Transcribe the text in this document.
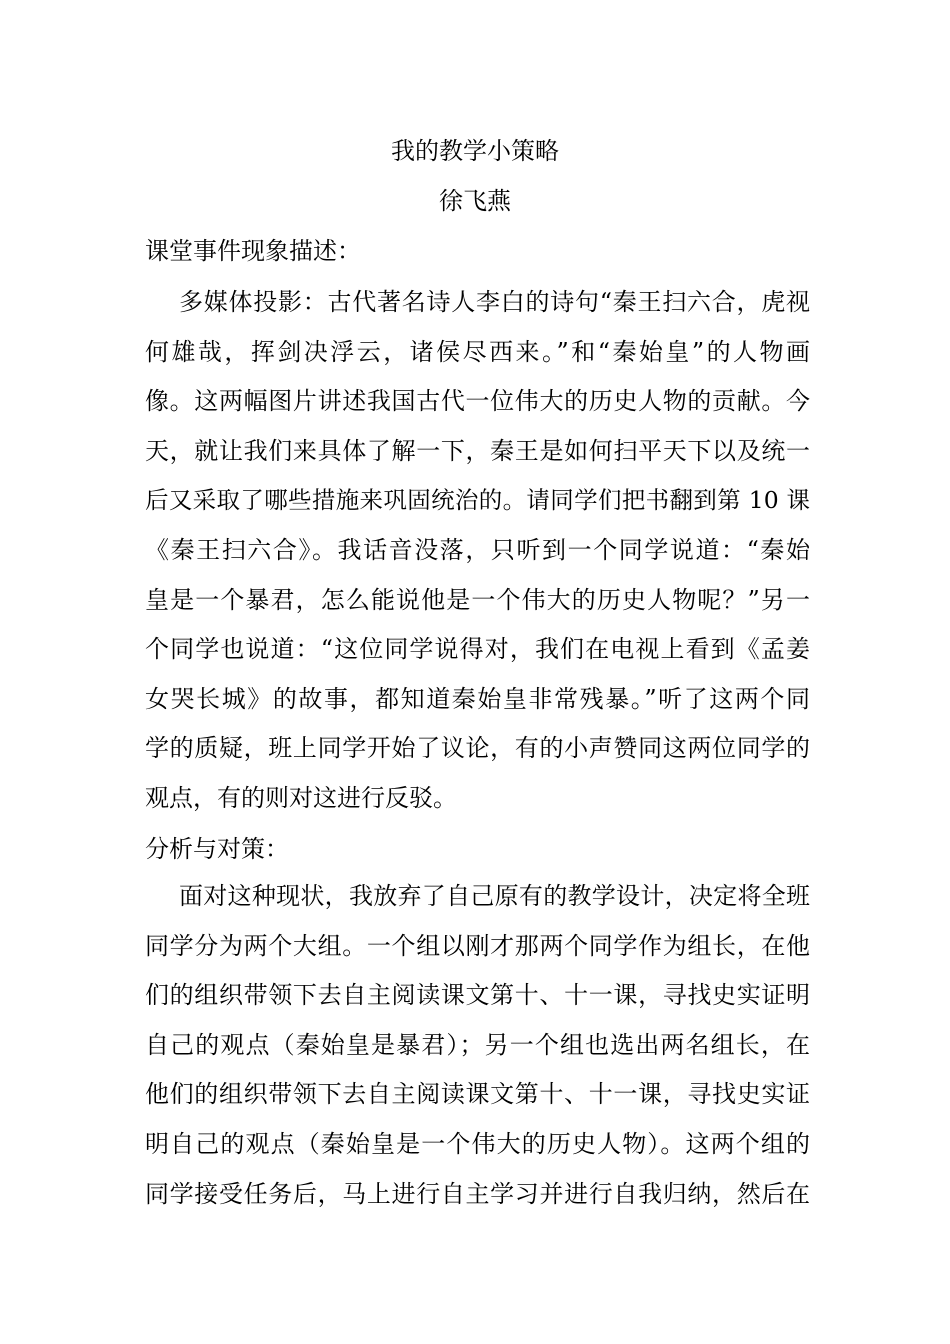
我的教学小策略
徐飞燕
课堂事件现象描述：
多媒体投影：古代著名诗人李白的诗句“秦王扫六合，虎视
何雄哉，挥剑决浮云，诸侯尽西来。”和“秦始皇”的人物画
像。这两幅图片讲述我国古代一位伟大的历史人物的贡献。今
天，就让我们来具体了解一下，秦王是如何扫平天下以及统一
后又采取了哪些措施来巩固统治的。请同学们把书翻到第 10 课
《秦王扫六合》。我话音没落，只听到一个同学说道：“秦始
皇是一个暴君，怎么能说他是一个伟大的历史人物呢？”另一
个同学也说道：“这位同学说得对，我们在电视上看到《孟姜
女哭长城》的故事，都知道秦始皇非常残暴。”听了这两个同
学的质疑，班上同学开始了议论，有的小声赞同这两位同学的
观点，有的则对这进行反驳。
分析与对策：
面对这种现状，我放弃了自己原有的教学设计，决定将全班
同学分为两个大组。一个组以刚才那两个同学作为组长，在他
们的组织带领下去自主阅读课文第十、十一课，寻找史实证明
自己的观点（秦始皇是暴君）；另一个组也选出两名组长，在
他们的组织带领下去自主阅读课文第十、十一课，寻找史实证
明自己的观点（秦始皇是一个伟大的历史人物）。这两个组的
同学接受任务后，马上进行自主学习并进行自我归纳，然后在
